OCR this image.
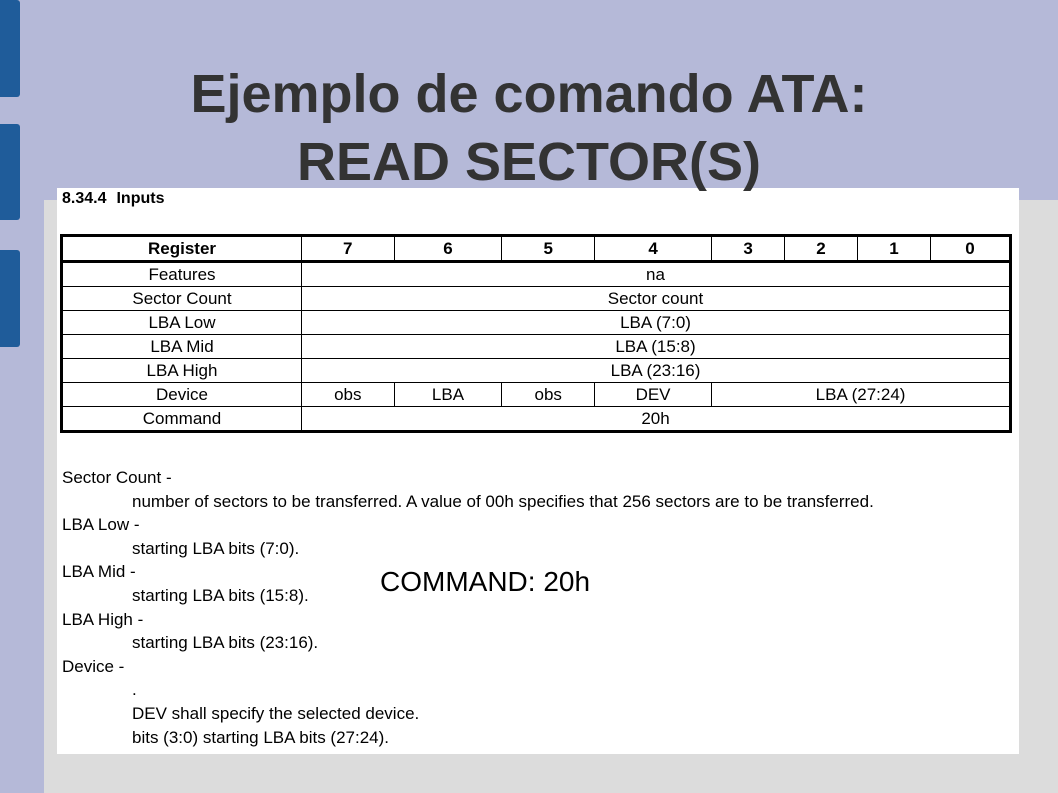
Ejemplo de comando ATA:
READ SECTOR(S)
8.34.4 Inputs
Register	7	6	5	4	3	2	1	0
Features	na							
Sector Count	Sector count							
LBA Low	LBA (7:0)							
LBA Mid	LBA (15:8)							
LBA High	LBA (23:16)							
Device	obs	LBA	obs	DEV	LBA (27:24)			
Command	20h							
Sector Count -
number of sectors to be transferred. A value of 00h specifies that 256 sectors are to be transferred.
LBA Low -
starting LBA bits (7:0).
LBA Mid -
starting LBA bits (15:8).
LBA High -
starting LBA bits (23:16).
Device -
.
DEV shall specify the selected device.
bits (3:0) starting LBA bits (27:24).
COMMAND: 20h
